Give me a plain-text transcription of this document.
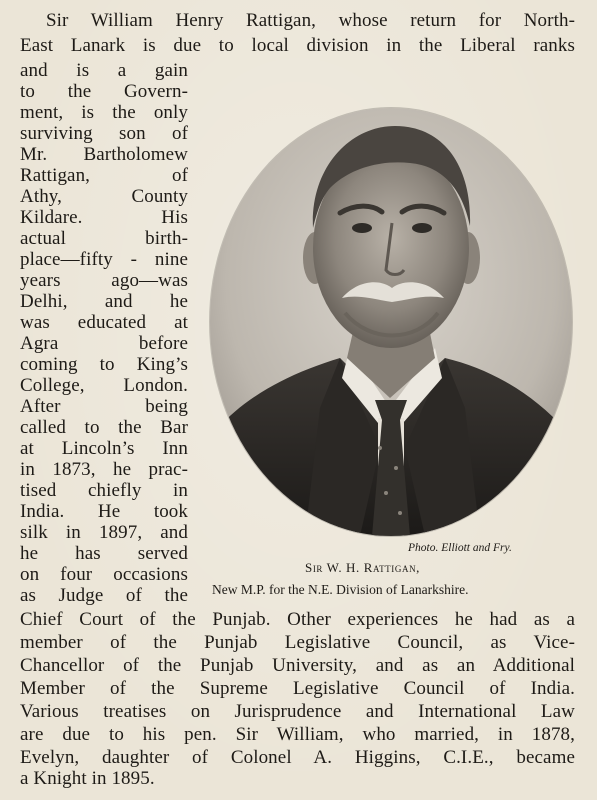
Sir William Henry Rattigan, whose return for North-
East Lanark is due to local division in the Liberal ranks
and is a gain
to the Govern-
ment, is the only
surviving son of
Mr. Bartholomew
Rattigan, of
Athy, County
Kildare. His
actual birth-
place—fifty - nine
years ago—was
Delhi, and he
was educated at
Agra before
coming to King’s
College, London.
After being
called to the Bar
at Lincoln’s Inn
in 1873, he prac-
tised chiefly in
India. He took
silk in 1897, and
he has served
on four occasions
as Judge of the
Chief Court of the Punjab. Other experiences he had as a
member of the Punjab Legislative Council, as Vice-
Chancellor of the Punjab University, and as an Additional
Member of the Supreme Legislative Council of India.
Various treatises on Jurisprudence and International Law
are due to his pen. Sir William, who married, in 1878,
Evelyn, daughter of Colonel A. Higgins, C.I.E., became
a Knight in 1895.
Photo. Elliott and Fry.
Sir W. H. Rattigan,
New M.P. for the N.E. Division of Lanarkshire.
